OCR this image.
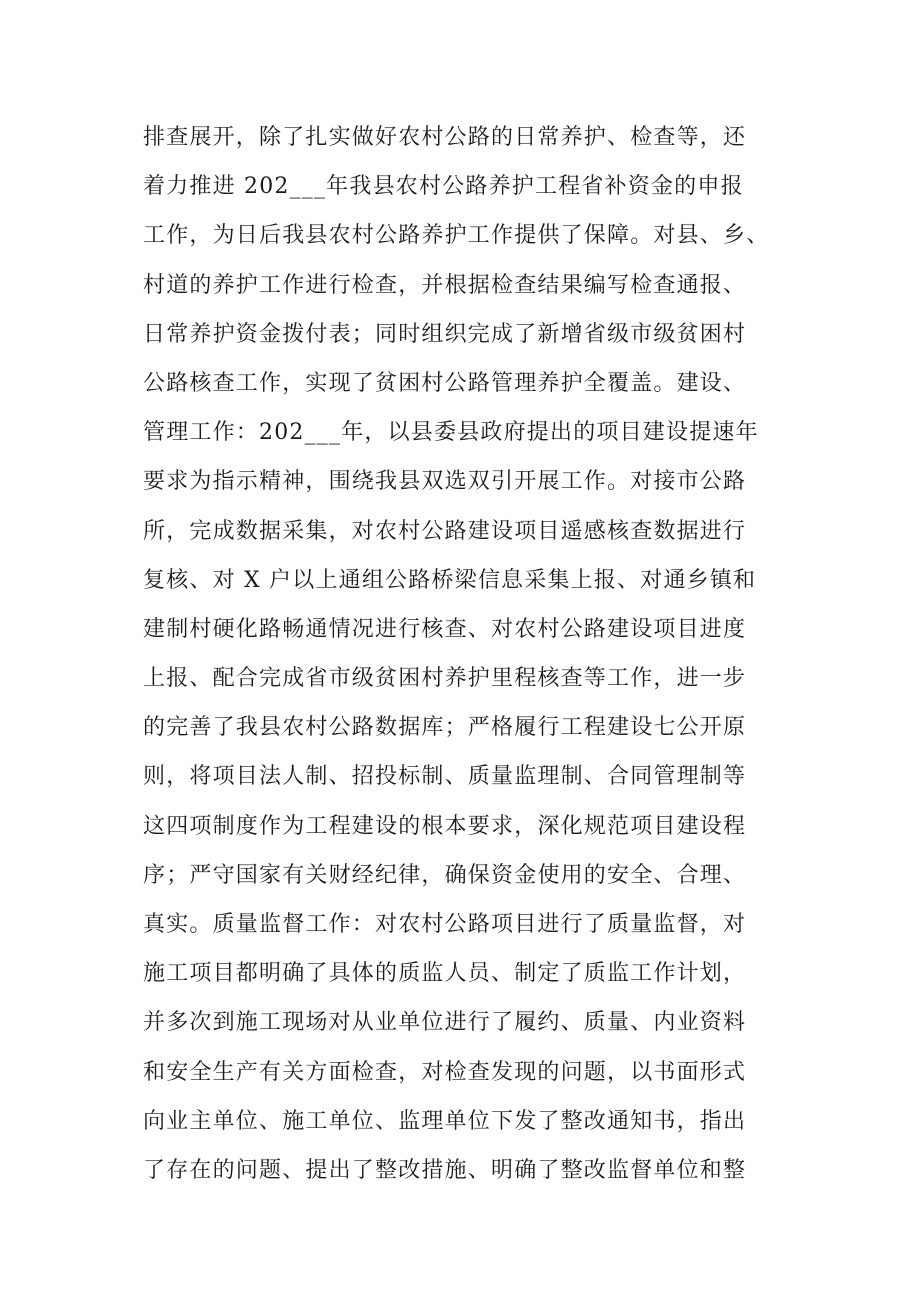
排查展开，除了扎实做好农村公路的日常养护、检查等，还
着力推进 202___年我县农村公路养护工程省补资金的申报
工作，为日后我县农村公路养护工作提供了保障。对县、乡、
村道的养护工作进行检查，并根据检查结果编写检查通报、
日常养护资金拨付表；同时组织完成了新增省级市级贫困村
公路核查工作，实现了贫困村公路管理养护全覆盖。建设、
管理工作：202___年，以县委县政府提出的项目建设提速年
要求为指示精神，围绕我县双选双引开展工作。对接市公路
所，完成数据采集，对农村公路建设项目遥感核查数据进行
复核、对 X 户以上通组公路桥梁信息采集上报、对通乡镇和
建制村硬化路畅通情况进行核查、对农村公路建设项目进度
上报、配合完成省市级贫困村养护里程核查等工作，进一步
的完善了我县农村公路数据库；严格履行工程建设七公开原
则，将项目法人制、招投标制、质量监理制、合同管理制等
这四项制度作为工程建设的根本要求，深化规范项目建设程
序；严守国家有关财经纪律，确保资金使用的安全、合理、
真实。质量监督工作：对农村公路项目进行了质量监督，对
施工项目都明确了具体的质监人员、制定了质监工作计划，
并多次到施工现场对从业单位进行了履约、质量、内业资料
和安全生产有关方面检查，对检查发现的问题，以书面形式
向业主单位、施工单位、监理单位下发了整改通知书，指出
了存在的问题、提出了整改措施、明确了整改监督单位和整
